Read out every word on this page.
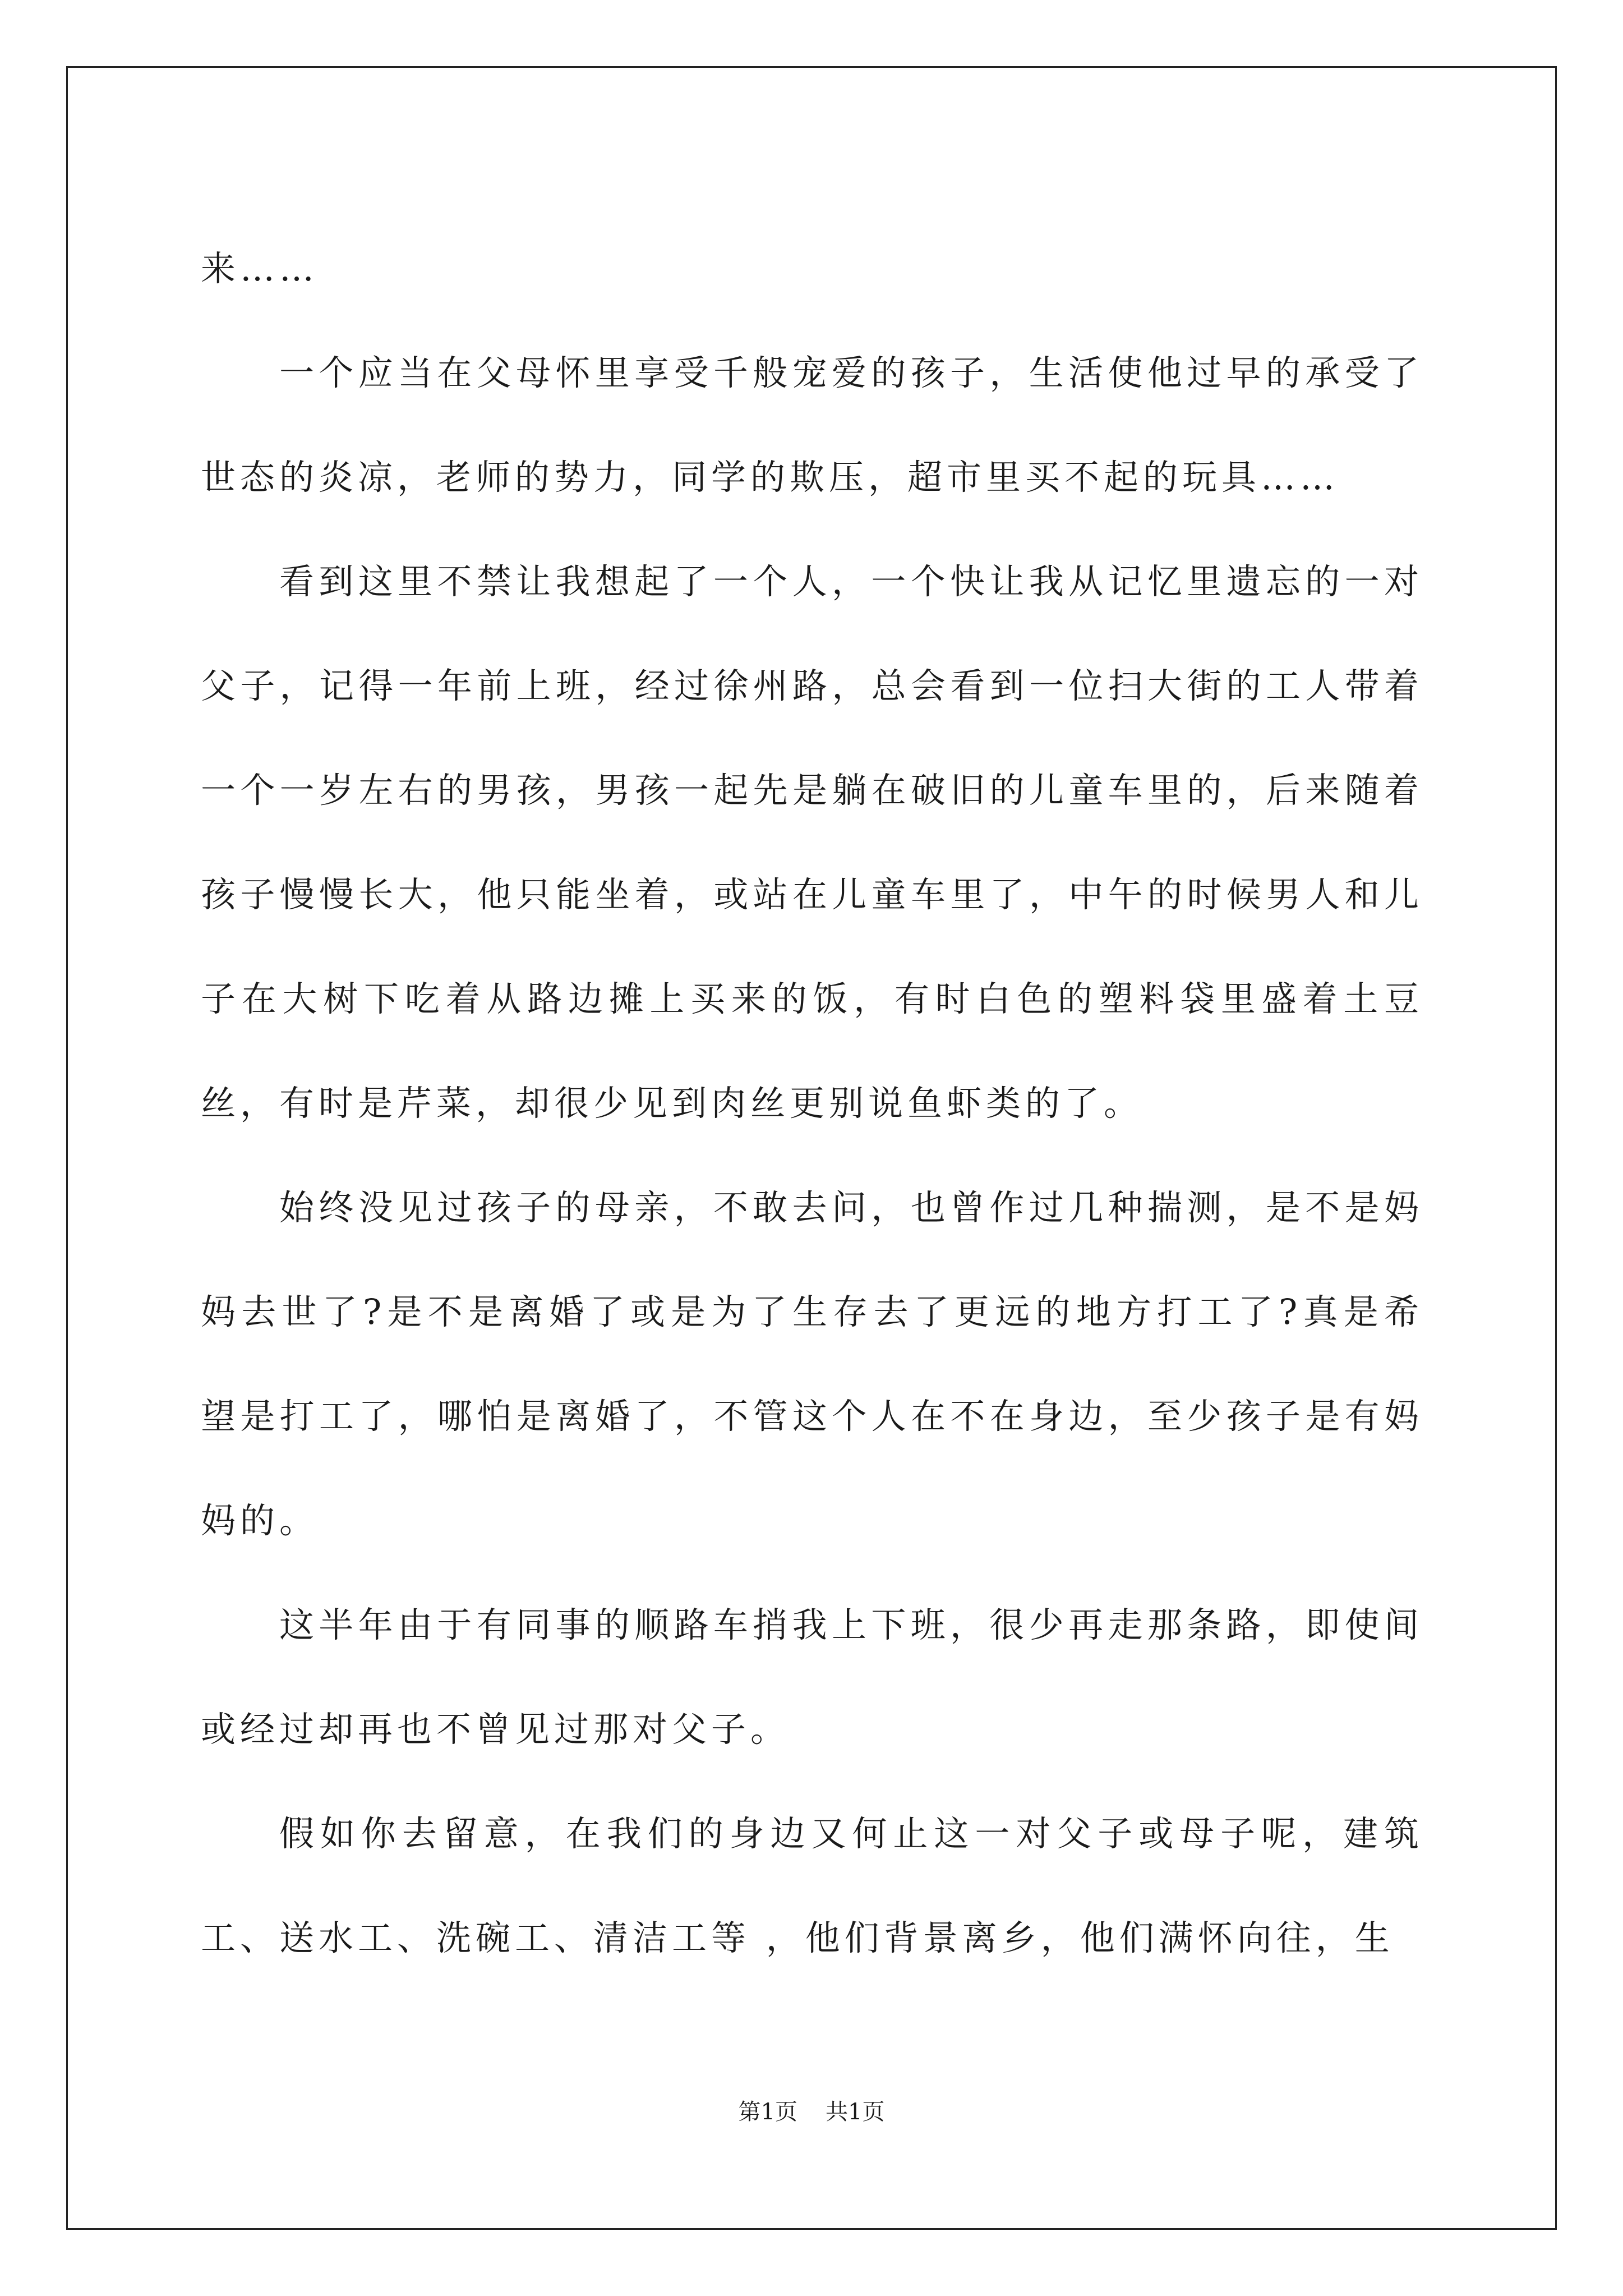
来……

一个应当在父母怀里享受千般宠爱的孩子，生活使他过早的承受了世态的炎凉，老师的势力，同学的欺压，超市里买不起的玩具……

看到这里不禁让我想起了一个人，一个快让我从记忆里遗忘的一对父子，记得一年前上班，经过徐州路，总会看到一位扫大街的工人带着一个一岁左右的男孩，男孩一起先是躺在破旧的儿童车里的，后来随着孩子慢慢长大，他只能坐着，或站在儿童车里了，中午的时候男人和儿子在大树下吃着从路边摊上买来的饭，有时白色的塑料袋里盛着土豆丝，有时是芹菜，却很少见到肉丝更别说鱼虾类的了。

始终没见过孩子的母亲，不敢去问，也曾作过几种揣测，是不是妈妈去世了?是不是离婚了或是为了生存去了更远的地方打工了?真是希望是打工了，哪怕是离婚了，不管这个人在不在身边，至少孩子是有妈妈的。

这半年由于有同事的顺路车捎我上下班，很少再走那条路，即使间或经过却再也不曾见过那对父子。

假如你去留意，在我们的身边又何止这一对父子或母子呢，建筑工、送水工、洗碗工、清洁工等 ，他们背景离乡，他们满怀向往，生

第1页 共1页
